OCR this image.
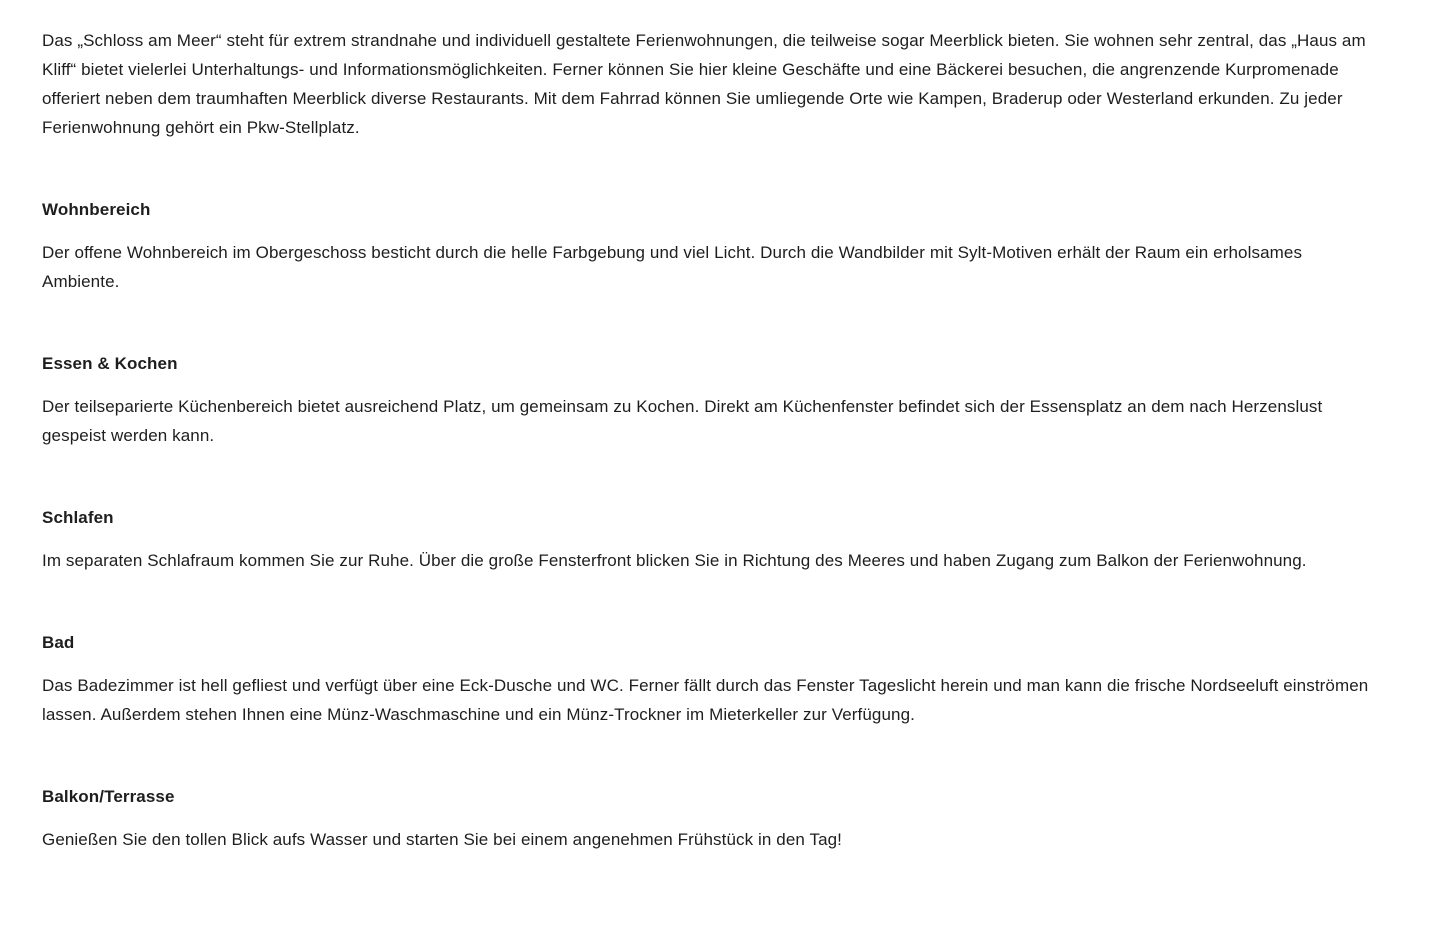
Das „Schloss am Meer“ steht für extrem strandnahe und individuell gestaltete Ferienwohnungen, die teilweise sogar Meerblick bieten. Sie wohnen sehr zentral, das „Haus am Kliff“ bietet vielerlei Unterhaltungs- und Informationsmöglichkeiten. Ferner können Sie hier kleine Geschäfte und eine Bäckerei besuchen, die angrenzende Kurpromenade offeriert neben dem traumhaften Meerblick diverse Restaurants. Mit dem Fahrrad können Sie umliegende Orte wie Kampen, Braderup oder Westerland erkunden. Zu jeder Ferienwohnung gehört ein Pkw-Stellplatz.

Wohnbereich

Der offene Wohnbereich im Obergeschoss besticht durch die helle Farbgebung und viel Licht. Durch die Wandbilder mit Sylt-Motiven erhält der Raum ein erholsames Ambiente.

Essen & Kochen

Der teilseparierte Küchenbereich bietet ausreichend Platz, um gemeinsam zu Kochen. Direkt am Küchenfenster befindet sich der Essensplatz an dem nach Herzenslust gespeist werden kann.

Schlafen

Im separaten Schlafraum kommen Sie zur Ruhe. Über die große Fensterfront blicken Sie in Richtung des Meeres und haben Zugang zum Balkon der Ferienwohnung.

Bad

Das Badezimmer ist hell gefliest und verfügt über eine Eck-Dusche und WC. Ferner fällt durch das Fenster Tageslicht herein und man kann die frische Nordseeluft einströmen lassen. Außerdem stehen Ihnen eine Münz-Waschmaschine und ein Münz-Trockner im Mieterkeller zur Verfügung.

Balkon/Terrasse

Genießen Sie den tollen Blick aufs Wasser und starten Sie bei einem angenehmen Frühstück in den Tag!
